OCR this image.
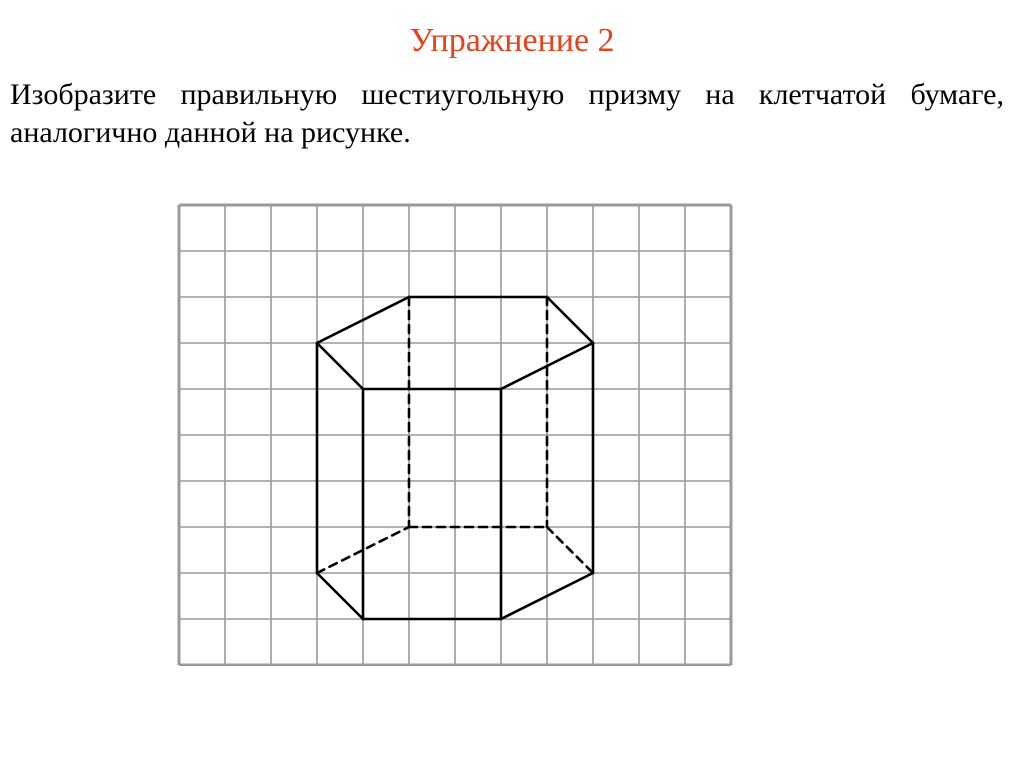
Упражнение 2
Изобразите правильную шестиугольную призму на клетчатой бумаге, аналогично данной на рисунке.
